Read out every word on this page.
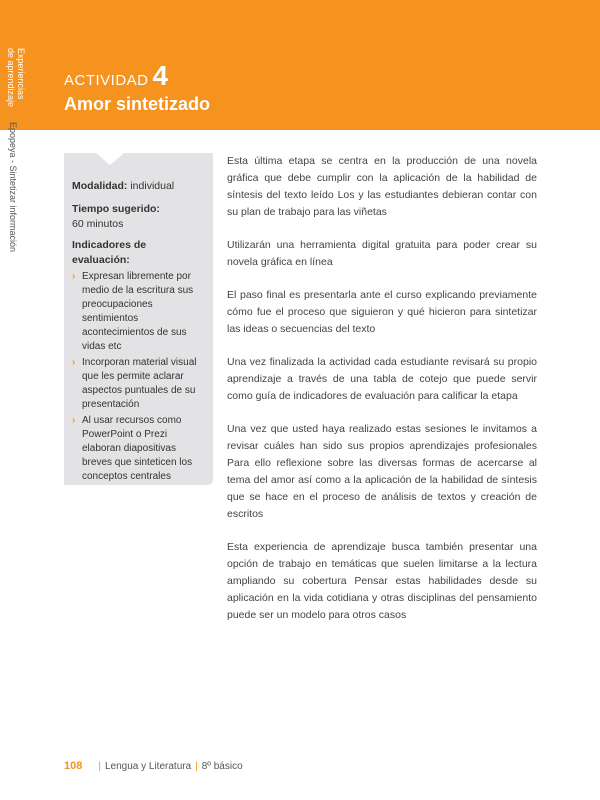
Experiencias
de aprendizaje
Epopeya - Sintetizar información
ACTIVIDAD 4
Amor sintetizado
Modalidad: individual
Tiempo sugerido:
60 minutos
Indicadores de evaluación:
› Expresan libremente por medio de la escritura sus preocupaciones sentimientos acontecimientos de sus vidas etc
› Incorporan material visual que les permite aclarar aspectos puntuales de su presentación
› Al usar recursos como PowerPoint o Prezi elaboran diapositivas breves que sinteticen los conceptos centrales

Esta última etapa se centra en la producción de una novela gráfica que debe cumplir con la aplicación de la habilidad de síntesis del texto leído Los y las estudiantes debieran contar con su plan de trabajo para las viñetas

Utilizarán una herramienta digital gratuita para poder crear su novela gráfica en línea

El paso final es presentarla ante el curso explicando previamente cómo fue el proceso que siguieron y qué hicieron para sintetizar las ideas o secuencias del texto

Una vez finalizada la actividad cada estudiante revisará su propio aprendizaje a través de una tabla de cotejo que puede servir como guía de indicadores de evaluación para calificar la etapa

Una vez que usted haya realizado estas sesiones le invitamos a revisar cuáles han sido sus propios aprendizajes profesionales Para ello reflexione sobre las diversas formas de acercarse al tema del amor así como a la aplicación de la habilidad de síntesis que se hace en el proceso de análisis de textos y creación de escritos

Esta experiencia de aprendizaje busca también presentar una opción de trabajo en temáticas que suelen limitarse a la lectura ampliando su cobertura Pensar estas habilidades desde su aplicación en la vida cotidiana y otras disciplinas del pensamiento puede ser un modelo para otros casos

108 | Lengua y Literatura | 8º básico
